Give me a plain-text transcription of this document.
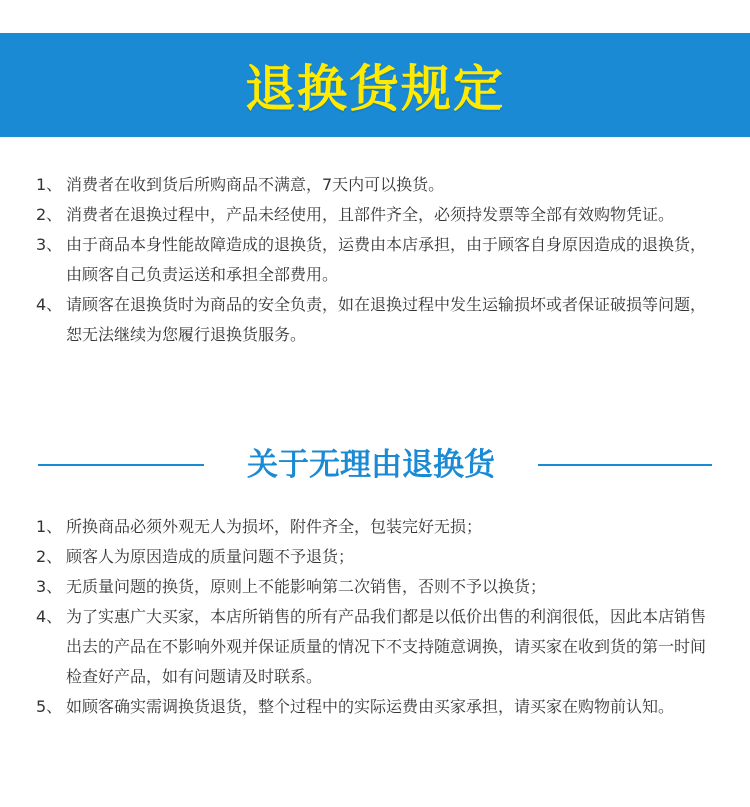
退换货规定
1、 消费者在收到货后所购商品不满意，7天内可以换货。
2、 消费者在退换过程中，产品未经使用，且部件齐全，必须持发票等全部有效购物凭证。
3、 由于商品本身性能故障造成的退换货，运费由本店承担，由于顾客自身原因造成的退换货，由顾客自己负责运送和承担全部费用。
4、 请顾客在退换货时为商品的安全负责，如在退换过程中发生运输损坏或者保证破损等问题，恕无法继续为您履行退换货服务。
关于无理由退换货
1、 所换商品必须外观无人为损坏，附件齐全，包装完好无损；
2、 顾客人为原因造成的质量问题不予退货；
3、 无质量问题的换货，原则上不能影响第二次销售，否则不予以换货；
4、 为了实惠广大买家，本店所销售的所有产品我们都是以低价出售的利润很低，因此本店销售出去的产品在不影响外观并保证质量的情况下不支持随意调换，请买家在收到货的第一时间检查好产品，如有问题请及时联系。
5、 如顾客确实需调换货退货，整个过程中的实际运费由买家承担，请买家在购物前认知。
